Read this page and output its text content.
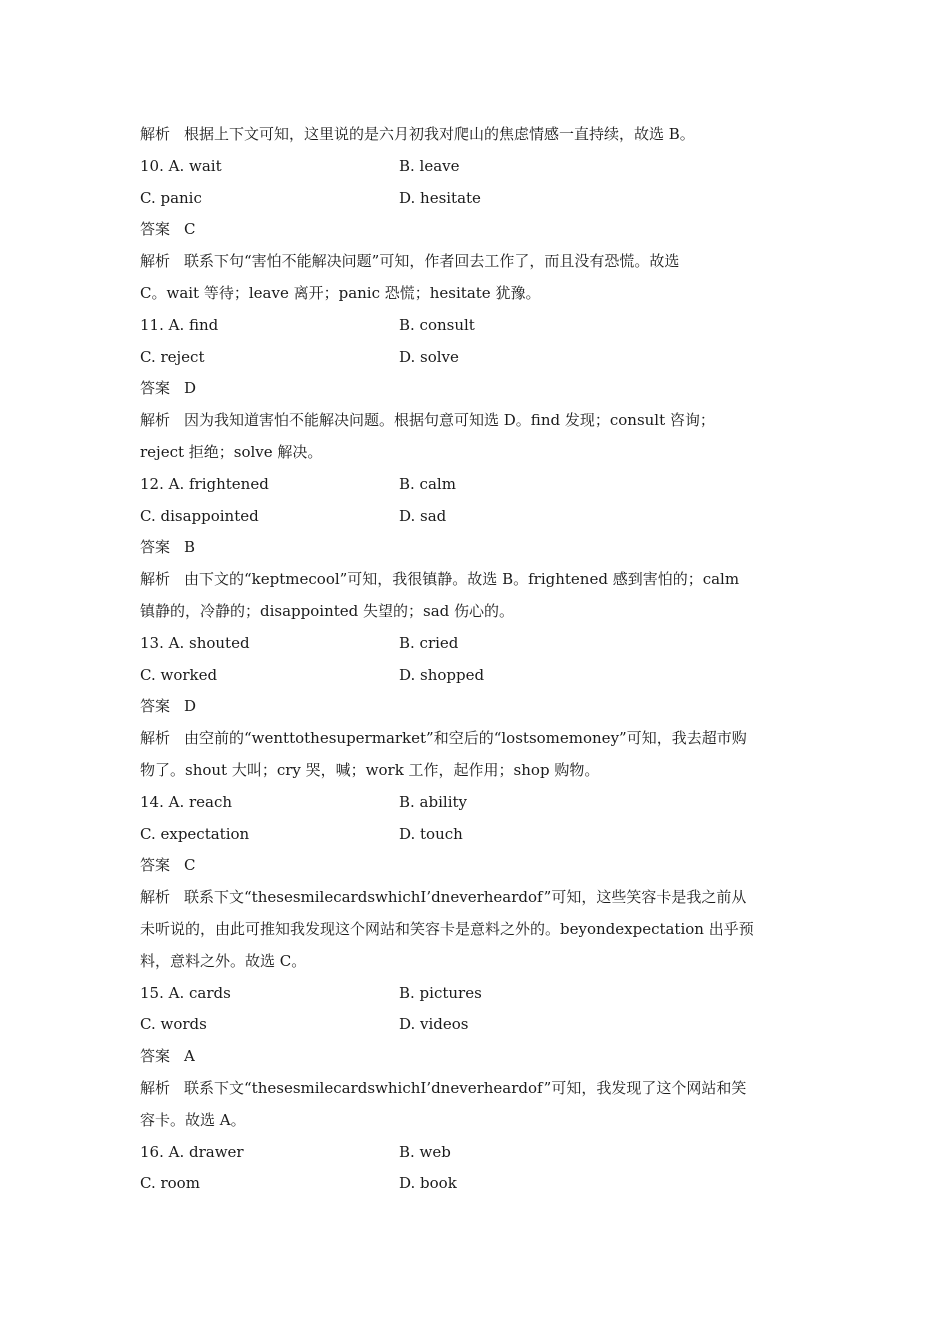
解析 根据上下文可知，这里说的是六月初我对爬山的焦虑情感一直持续，故选 B。
10. A. wait	B. leave
C. panic	D. hesitate
答案 C
解析 联系下句“害怕不能解决问题”可知，作者回去工作了，而且没有恐慌。故选
C。wait 等待；leave 离开；panic 恐慌；hesitate 犹豫。
11. A. find	B. consult
C. reject	D. solve
答案 D
解析 因为我知道害怕不能解决问题。根据句意可知选 D。find 发现；consult 咨询；
reject 拒绝；solve 解决。
12. A. frightened	B. calm
C. disappointed	D. sad
答案 B
解析 由下文的“keptmecool”可知，我很镇静。故选 B。frightened 感到害怕的；calm
镇静的，冷静的；disappointed 失望的；sad 伤心的。
13. A. shouted	B. cried
C. worked	D. shopped
答案 D
解析 由空前的“wenttothesupermarket”和空后的“lostsomemoney”可知，我去超市购
物了。shout 大叫；cry 哭，喊；work 工作，起作用；shop 购物。
14. A. reach	B. ability
C. expectation	D. touch
答案 C
解析 联系下文“thesesmilecardswhichI’dneverheardof”可知，这些笑容卡是我之前从
未听说的，由此可推知我发现这个网站和笑容卡是意料之外的。beyondexpectation 出乎预
料，意料之外。故选 C。
15. A. cards	B. pictures
C. words	D. videos
答案 A
解析 联系下文“thesesmilecardswhichI’dneverheardof”可知，我发现了这个网站和笑
容卡。故选 A。
16. A. drawer	B. web
C. room	D. book
